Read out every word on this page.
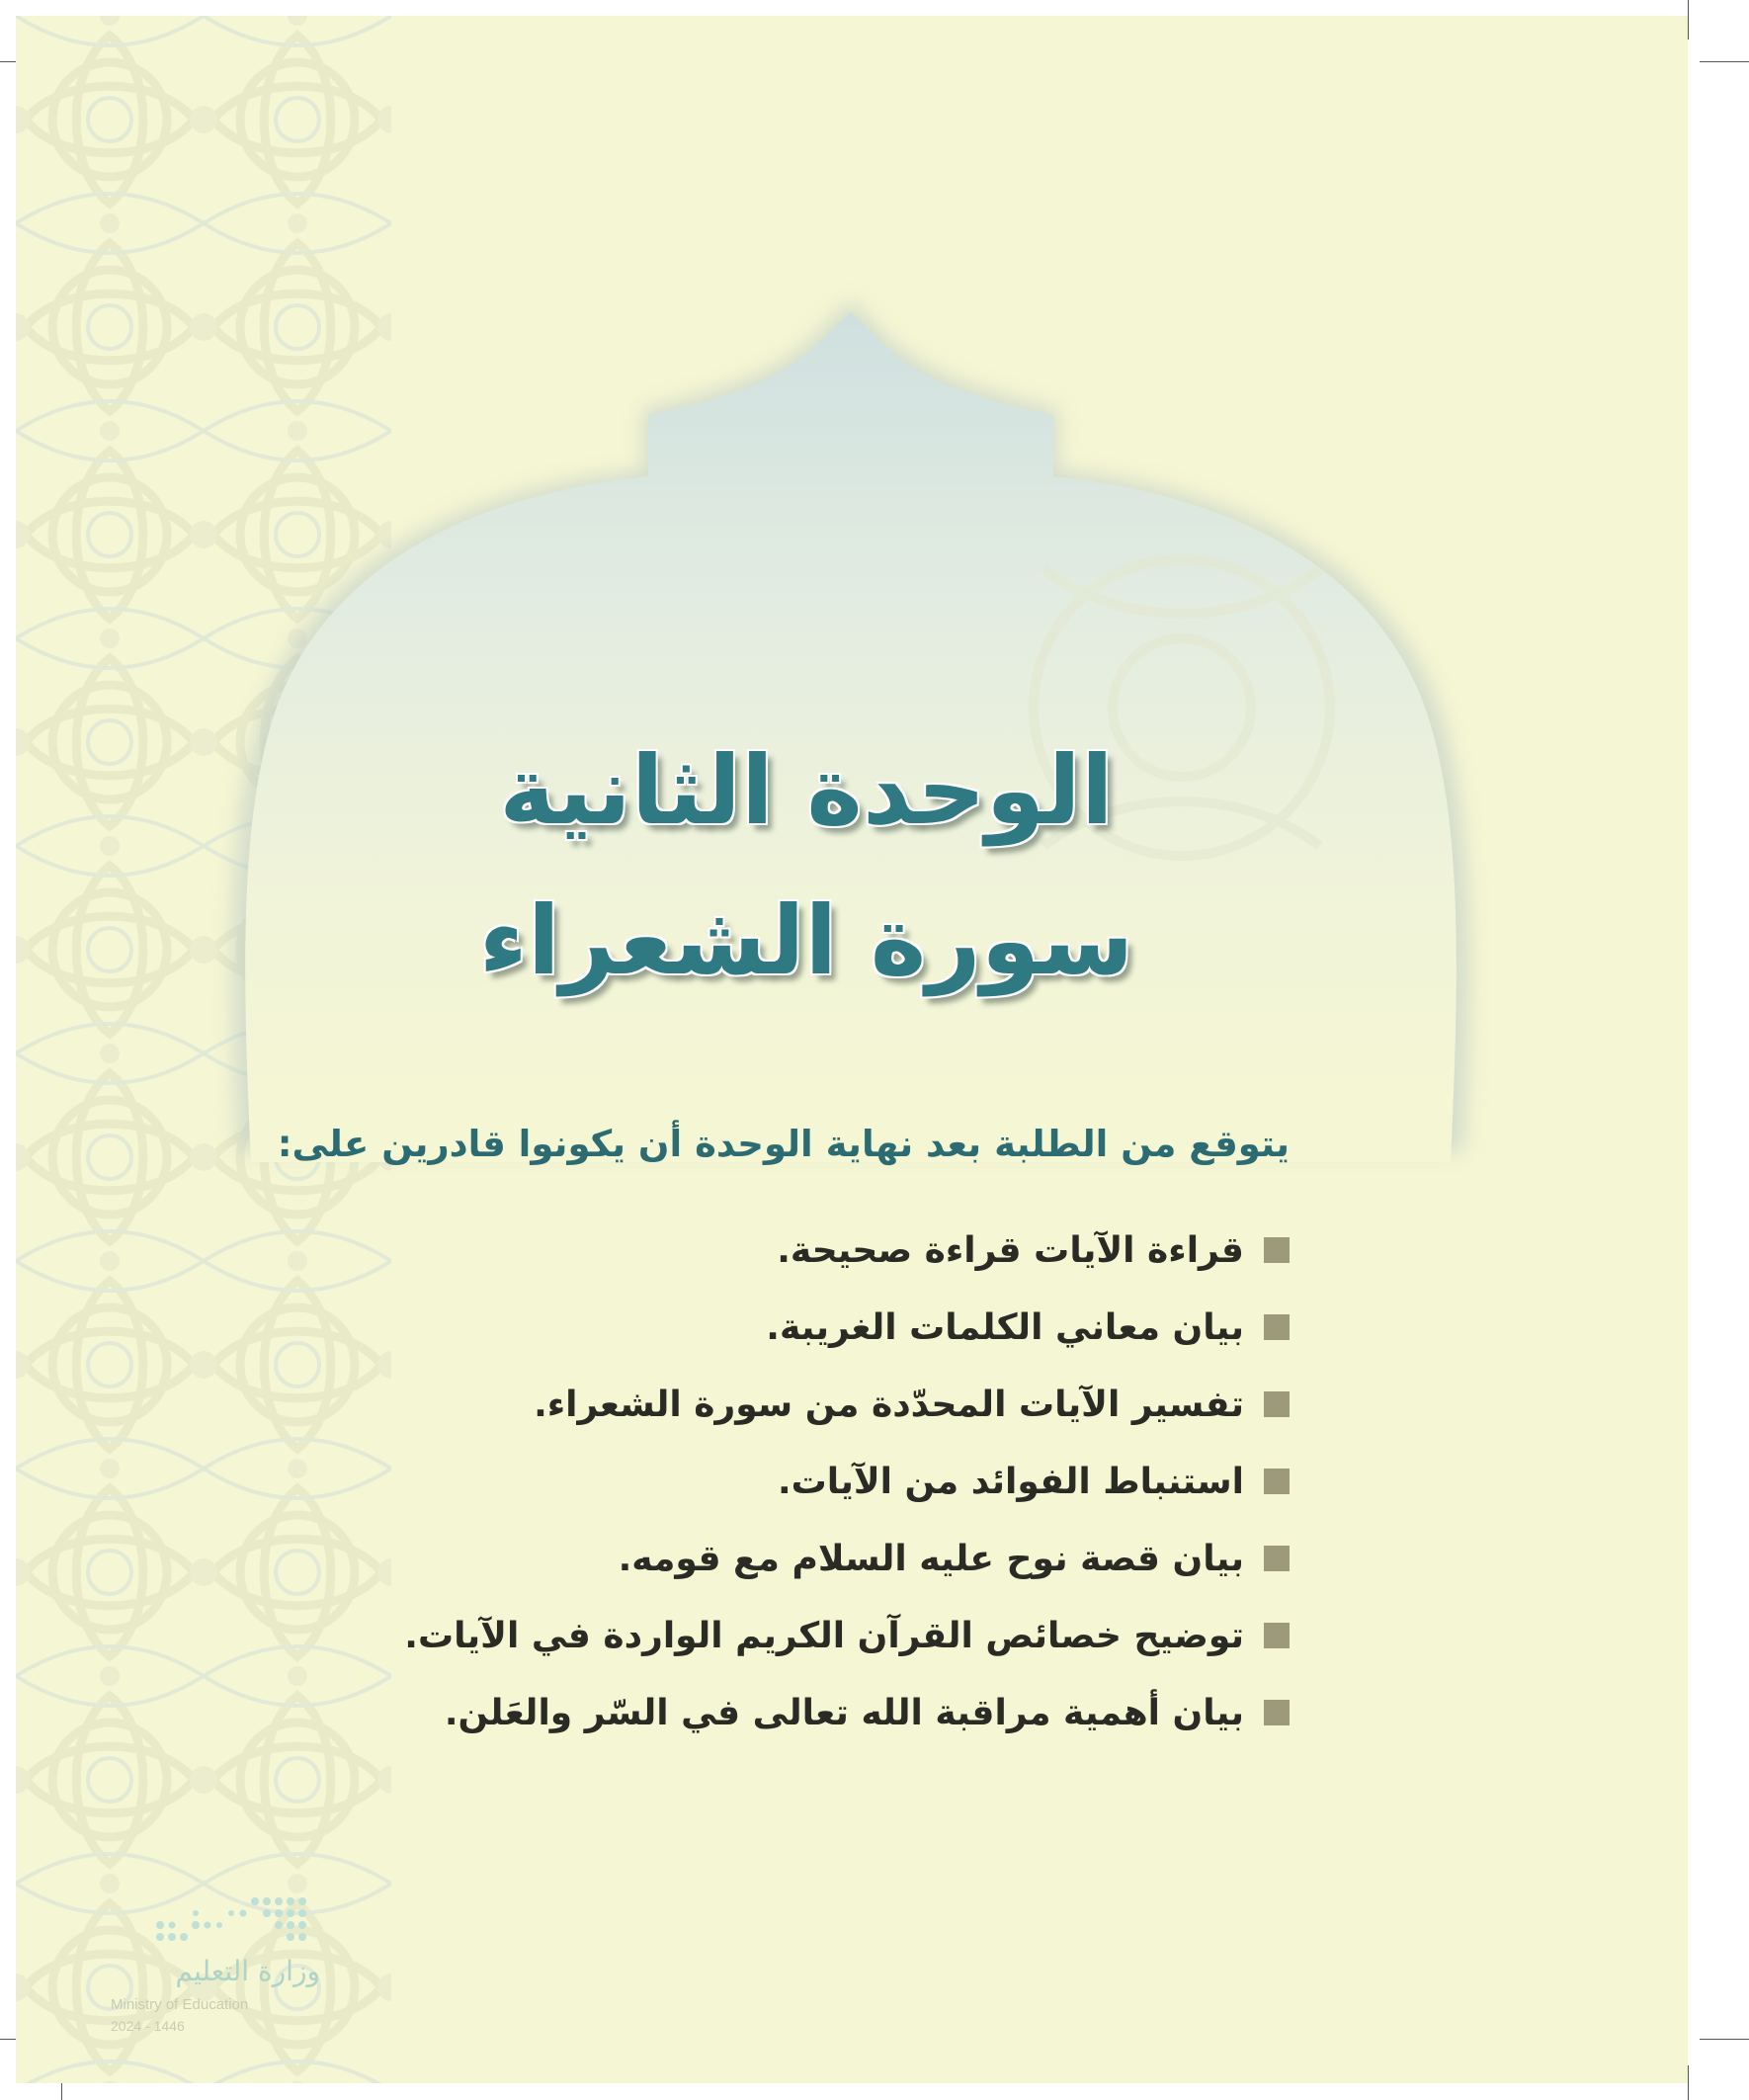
الوحدة الثانية
سورة الشعراء
يتوقع من الطلبة بعد نهاية الوحدة أن يكونوا قادرين على:
قراءة الآيات قراءة صحيحة.
بيان معاني الكلمات الغريبة.
تفسير الآيات المحدّدة من سورة الشعراء.
استنباط الفوائد من الآيات.
بيان قصة نوح عليه السلام مع قومه.
توضيح خصائص القرآن الكريم الواردة في الآيات.
بيان أهمية مراقبة الله تعالى في السّر والعَلن.
وزارة التعليم
Ministry of Education
2024 - 1446
